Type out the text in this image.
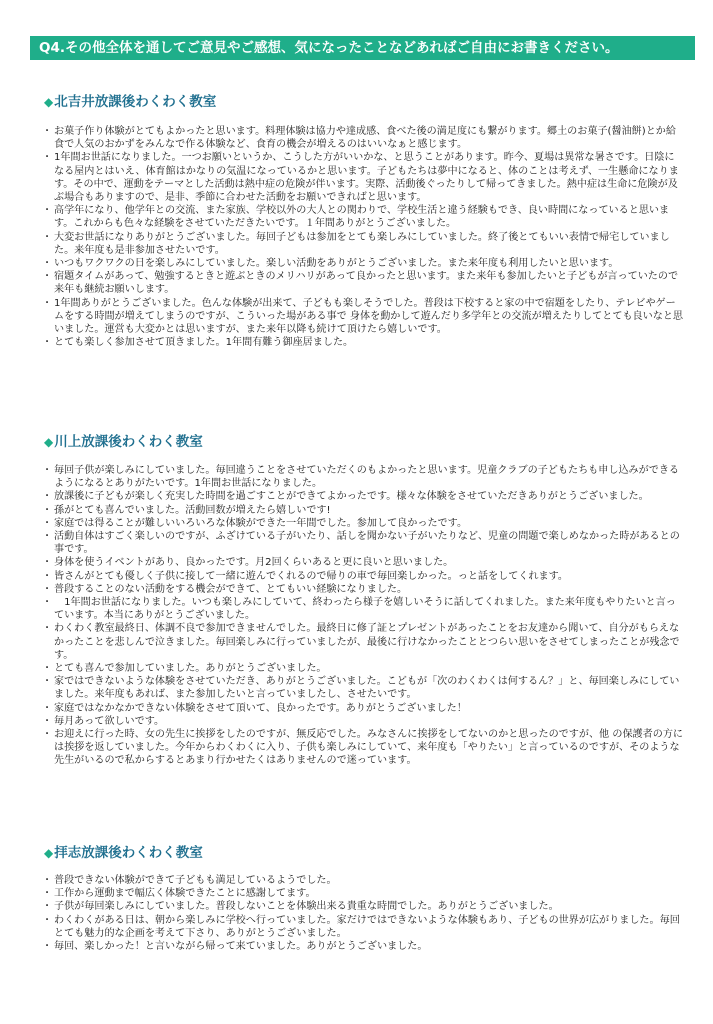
Q4.その他全体を通してご意見やご感想、気になったことなどあればご自由にお書きください。
◆北吉井放課後わくわく教室
・ お菓子作り体験がとてもよかったと思います。料理体験は協力や達成感、食べた後の満足度にも繋がります。郷土のお菓子(醤油餅)とか給食で人気のおかずをみんなで作る体験など、食育の機会が増えるのはいいなぁと感じます。
・ 1年間お世話になりました。一つお願いというか、こうした方がいいかな、と思うことがあります。昨今、夏場は異常な暑さです。日陰になる屋内とはいえ、体育館はかなりの気温になっているかと思います。子どもたちは夢中になると、体のことは考えず、一生懸命になります。その中で、運動をテーマとした活動は熱中症の危険が伴います。実際、活動後ぐったりして帰ってきました。熱中症は生命に危険が及ぶ場合もありますので、是非、季節に合わせた活動をお願いできればと思います。
・ 高学年になり、他学年との交流、また家族、学校以外の大人との関わりで、学校生活と違う経験もでき、良い時間になっていると思います。これからも色々な経験をさせていただきたいです。１年間ありがとうございました。
・ 大変お世話になりありがとうございました。毎回子どもは参加をとても楽しみにしていました。終了後とてもいい表情で帰宅していました。来年度も是非参加させたいです。
・ いつもワクワクの日を楽しみにしていました。楽しい活動をありがとうございました。また来年度も利用したいと思います。
・ 宿題タイムがあって、勉強するときと遊ぶときのメリハリがあって良かったと思います。また来年も参加したいと子どもが言っていたので来年も継続お願いします。
・ 1年間ありがとうございました。色んな体験が出来て、子どもも楽しそうでした。普段は下校すると家の中で宿題をしたり、テレビやゲームをする時間が増えてしまうのですが、こういった場がある事で 身体を動かして遊んだり多学年との交流が増えたりしてとても良いなと思いました。運営も大変かとは思いますが、また来年以降も続けて頂けたら嬉しいです。
・ とても楽しく参加させて頂きました。1年間有難う御座居ました。
◆川上放課後わくわく教室
・ 毎回子供が楽しみにしていました。毎回違うことをさせていただくのもよかったと思います。児童クラブの子どもたちも申し込みができるようになるとありがたいです。1年間お世話になりました。
・ 放課後に子どもが楽しく充実した時間を過ごすことができてよかったです。様々な体験をさせていただきありがとうございました。
・ 孫がとても喜んでいました。活動回数が増えたら嬉しいです!
・ 家庭では得ることが難しいいろいろな体験ができた一年間でした。参加して良かったです。
・ 活動自体はすごく楽しいのですが、ふざけている子がいたり、話しを聞かない子がいたりなど、児童の問題で楽しめなかった時があるとの事です。
・ 身体を使うイベントがあり、良かったです。月2回くらいあると更に良いと思いました。
・ 皆さんがとても優しく子供に接して一緒に遊んでくれるので帰りの車で毎回楽しかった。っと話をしてくれます。
・ 普段することのない活動をする機会ができて、とてもいい経験になりました。
・ 　1年間お世話になりました。いつも楽しみにしていて、終わったら様子を嬉しいそうに話してくれました。また来年度もやりたいと言っています。本当にありがとうございました。
・ わくわく教室最終日、体調不良で参加できませんでした。最終日に修了証とプレゼントがあったことをお友達から聞いて、自分がもらえなかったことを悲しんで泣きました。毎回楽しみに行っていましたが、最後に行けなかったこととつらい思いをさせてしまったことが残念です。
・ とても喜んで参加していました。ありがとうございました。
・ 家ではできないような体験をさせていただき、ありがとうございました。こどもが「次のわくわくは何するん？」と、毎回楽しみにしていました。来年度もあれば、また参加したいと言っていましたし、させたいです。
・ 家庭ではなかなかできない体験をさせて頂いて、良かったです。ありがとうございました！
・ 毎月あって欲しいです。
・ お迎えに行った時、女の先生に挨拶をしたのですが、無反応でした。みなさんに挨拶をしてないのかと思ったのですが、他 の保護者の方には挨拶を返していました。今年からわくわくに入り、子供も楽しみにしていて、来年度も「やりたい」と言っているのですが、そのような先生がいるので私からするとあまり行かせたくはありませんので迷っています。
◆拝志放課後わくわく教室
・ 普段できない体験ができて子どもも満足しているようでした。
・ 工作から運動まで幅広く体験できたことに感謝してます。
・ 子供が毎回楽しみにしていました。普段しないことを体験出来る貴重な時間でした。ありがとうございました。
・ わくわくがある日は、朝から楽しみに学校へ行っていました。家だけではできないような体験もあり、子どもの世界が広がりました。毎回とても魅力的な企画を考えて下さり、ありがとうございました。
・ 毎回、楽しかった！と言いながら帰って来ていました。ありがとうございました。
